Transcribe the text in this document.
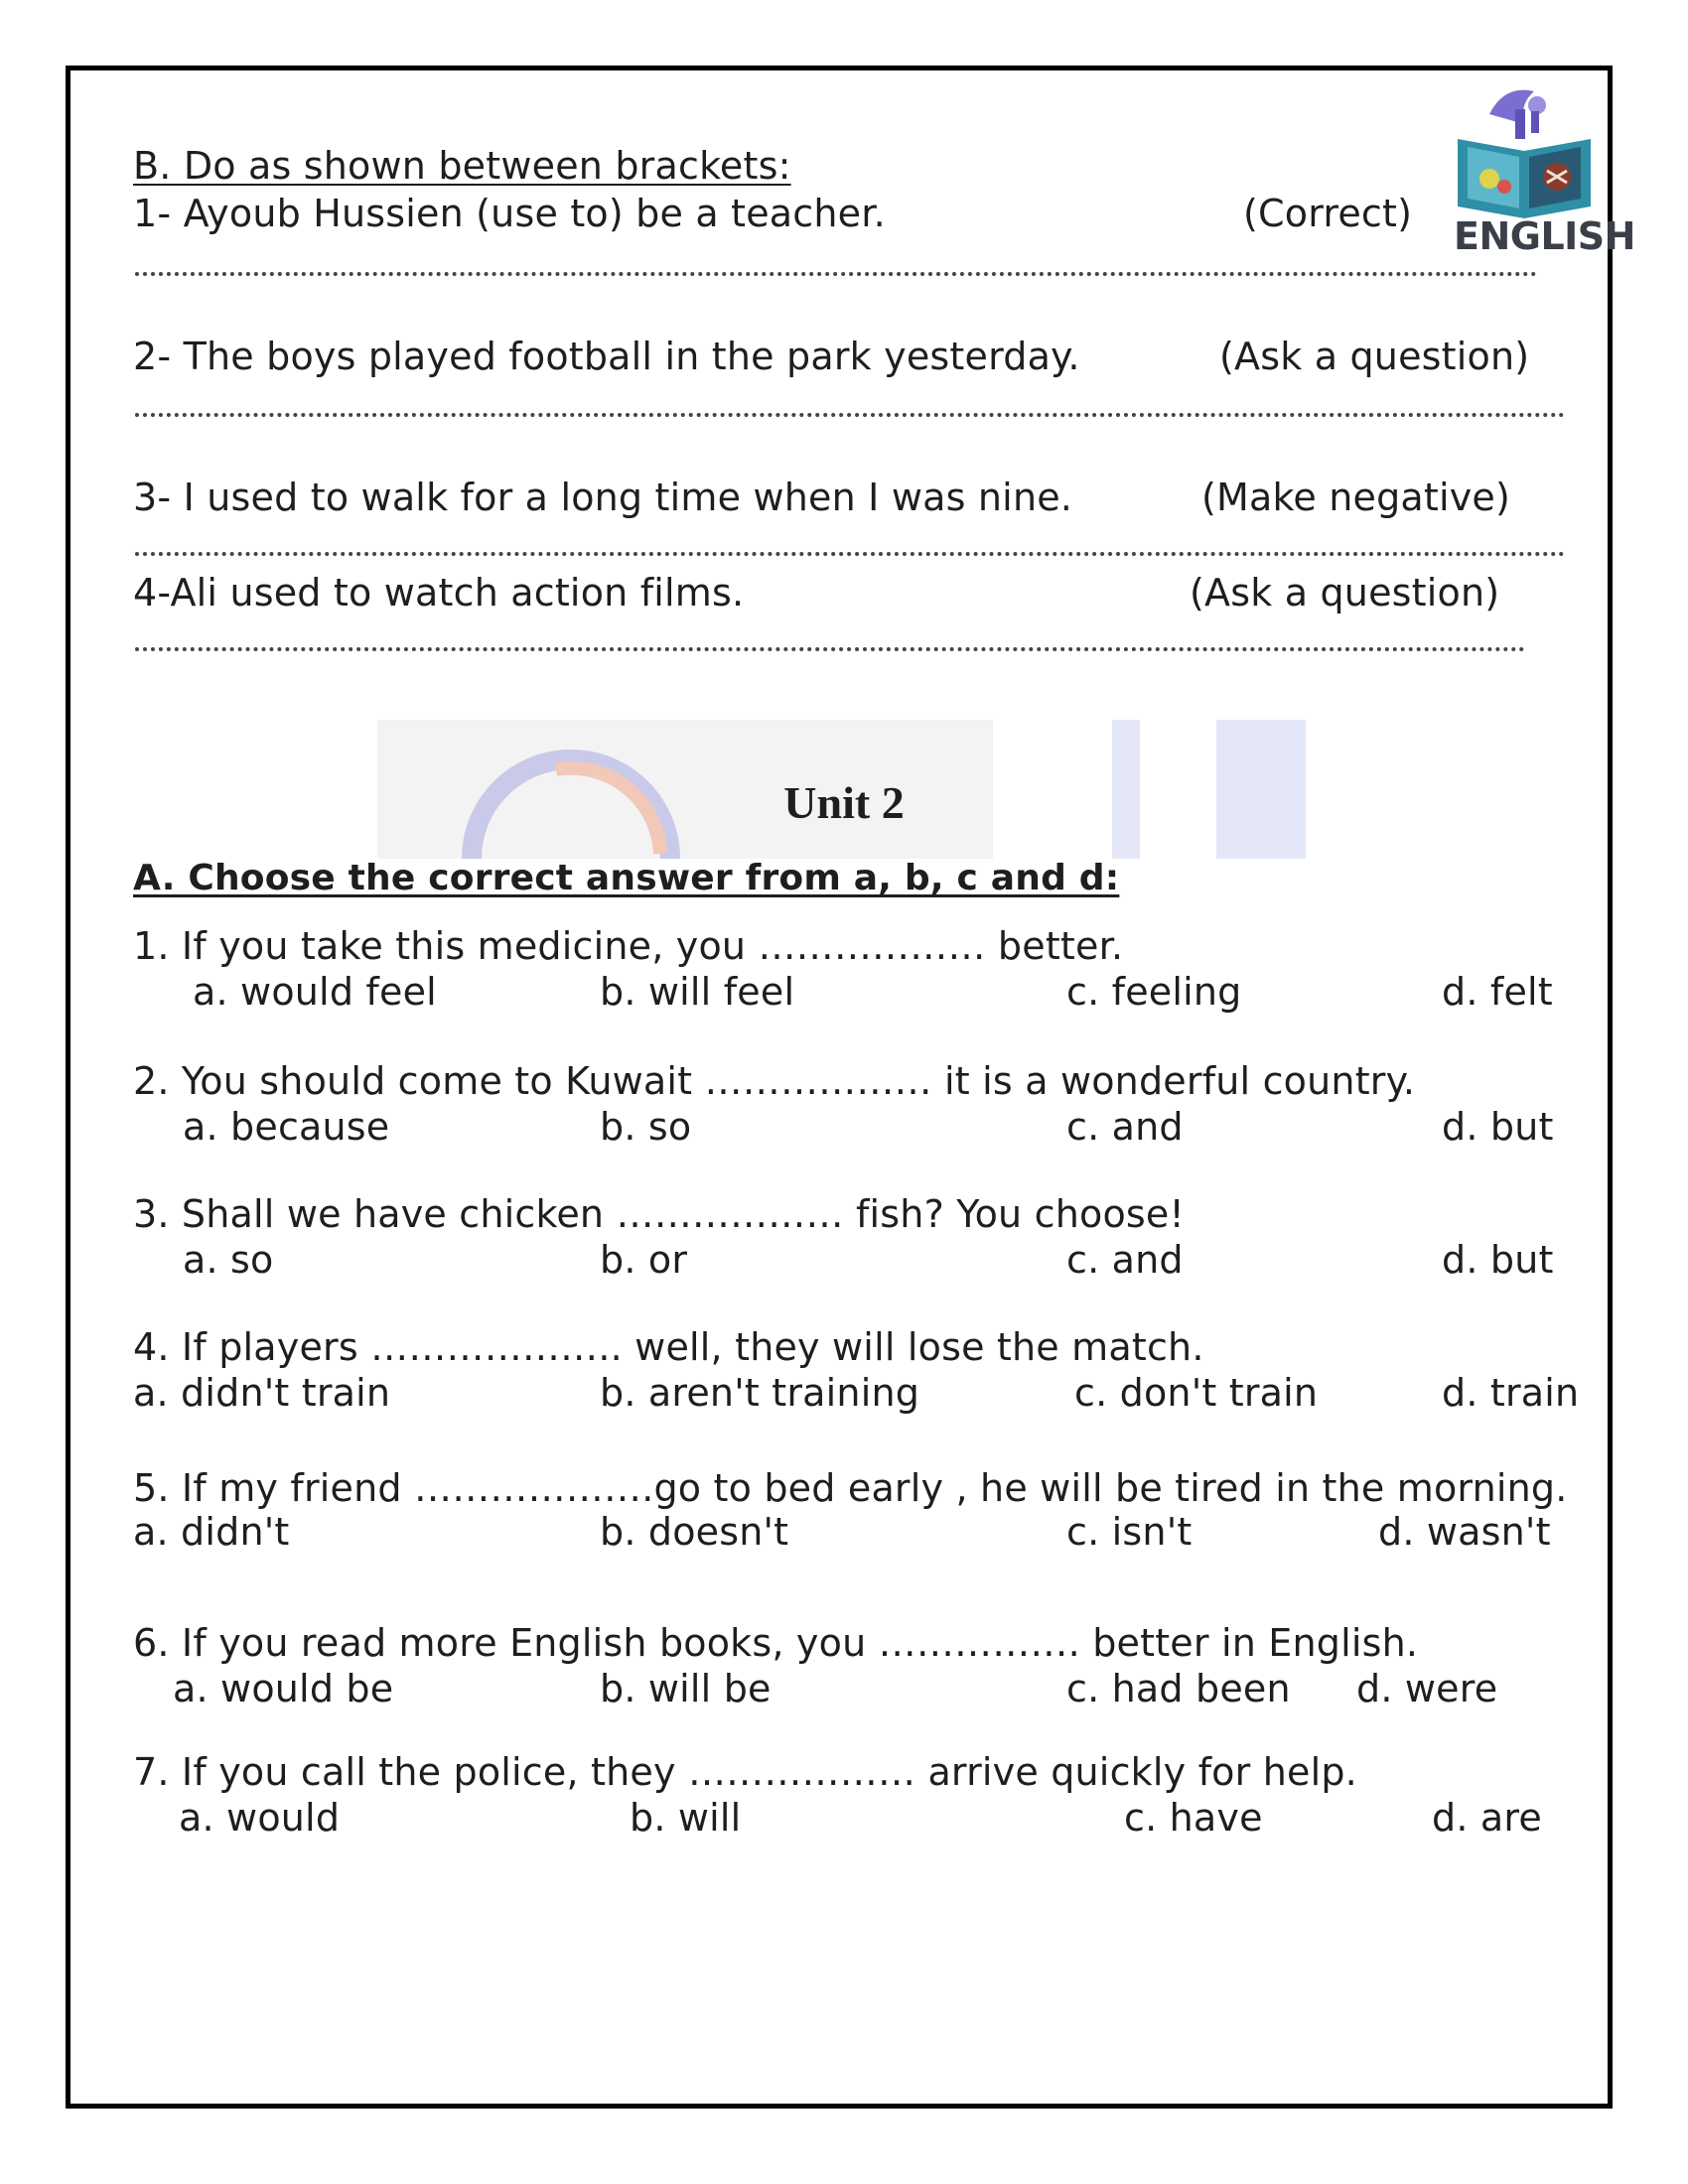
ENGLISH
B. Do as shown between brackets:
1- Ayoub Hussien (use to) be a teacher.	(Correct)
2- The boys played football in the park yesterday.	(Ask a question)
3- I used to walk for a long time when I was nine.	(Make negative)
4-Ali used to watch action films.	(Ask a question)
Unit 2
A. Choose the correct answer from a, b, c and d:
1. If you take this medicine, you ……………… better.
a. would feel	b. will feel	c. feeling	d. felt
2. You should come to Kuwait ……………… it is a wonderful country.
a. because	b. so	c. and	d. but
3. Shall we have chicken ……………… fish? You choose!
a. so	b. or	c. and	d. but
4. If players ……………….. well, they will lose the match.
a. didn't train	b. aren't training	c. don't train	d. train
5. If my friend ……………….go to bed early , he will be tired in the morning.
a. didn't	b. doesn't	c. isn't	d. wasn't
6. If you read more English books, you ……………. better in English.
a. would be	b. will be	c. had been d. were
7. If you call the police, they ……………… arrive quickly for help.
a. would	b. will	c. have	d. are
